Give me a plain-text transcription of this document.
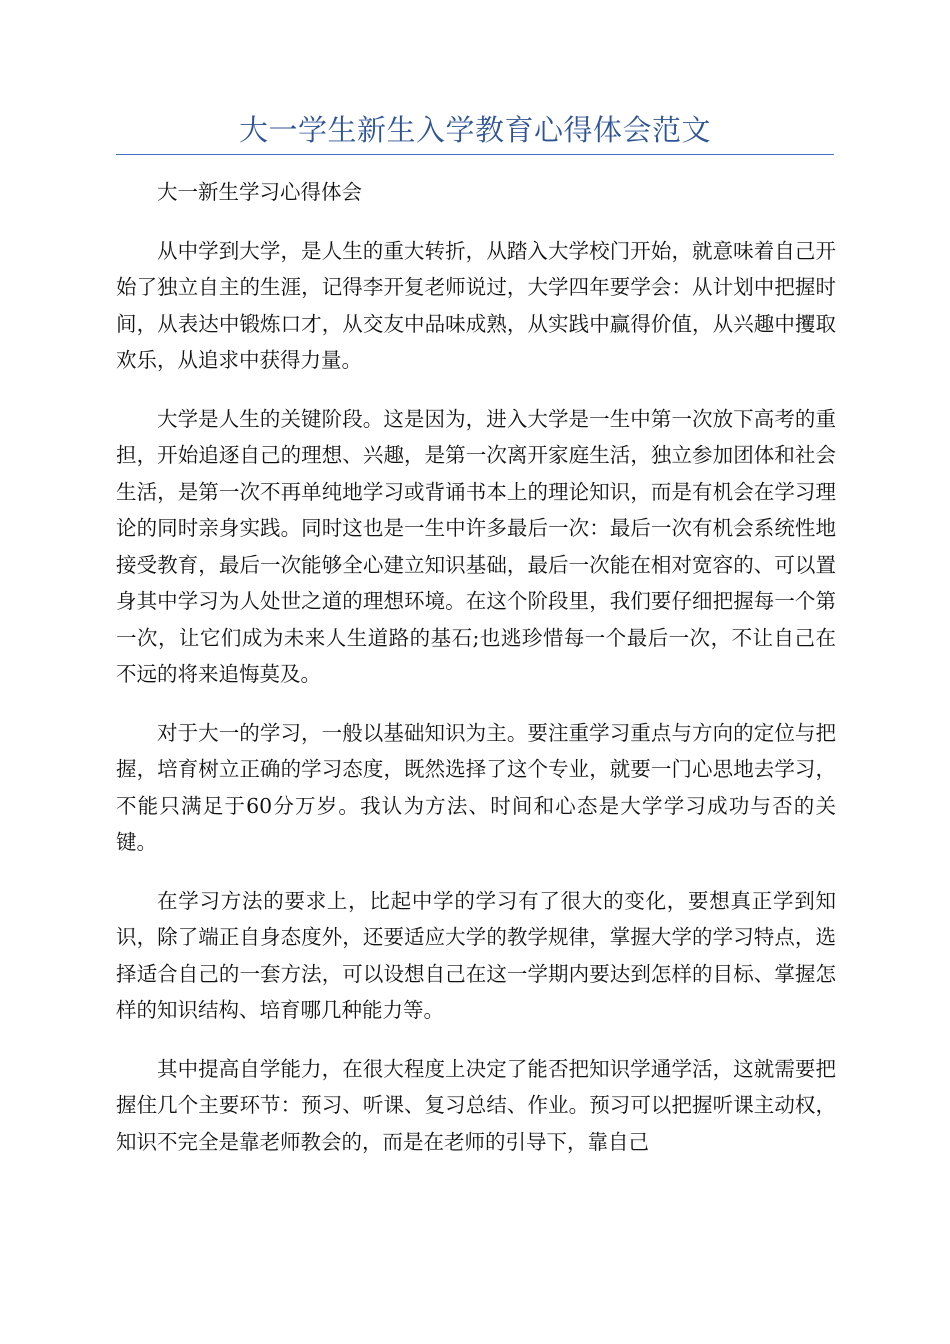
大一学生新生入学教育心得体会范文

大一新生学习心得体会

从中学到大学，是人生的重大转折，从踏入大学校门开始，就意味着自己开始了独立自主的生涯，记得李开复老师说过，大学四年要学会：从计划中把握时间，从表达中锻炼口才，从交友中品味成熟，从实践中赢得价值，从兴趣中攫取欢乐，从追求中获得力量。

大学是人生的关键阶段。这是因为，进入大学是一生中第一次放下高考的重担，开始追逐自己的理想、兴趣，是第一次离开家庭生活，独立参加团体和社会生活，是第一次不再单纯地学习或背诵书本上的理论知识，而是有机会在学习理论的同时亲身实践。同时这也是一生中许多最后一次：最后一次有机会系统性地接受教育，最后一次能够全心建立知识基础，最后一次能在相对宽容的、可以置身其中学习为人处世之道的理想环境。在这个阶段里，我们要仔细把握每一个第一次，让它们成为未来人生道路的基石;也逃珍惜每一个最后一次，不让自己在不远的将来追悔莫及。

对于大一的学习，一般以基础知识为主。要注重学习重点与方向的定位与把握，培育树立正确的学习态度，既然选择了这个专业，就要一门心思地去学习，不能只满足于60分万岁。我认为方法、时间和心态是大学学习成功与否的关键。

在学习方法的要求上，比起中学的学习有了很大的变化，要想真正学到知识，除了端正自身态度外，还要适应大学的教学规律，掌握大学的学习特点，选择适合自己的一套方法，可以设想自己在这一学期内要达到怎样的目标、掌握怎样的知识结构、培育哪几种能力等。

其中提高自学能力，在很大程度上决定了能否把知识学通学活，这就需要把握住几个主要环节：预习、听课、复习总结、作业。预习可以把握听课主动权，知识不完全是靠老师教会的，而是在老师的引导下，靠自己
